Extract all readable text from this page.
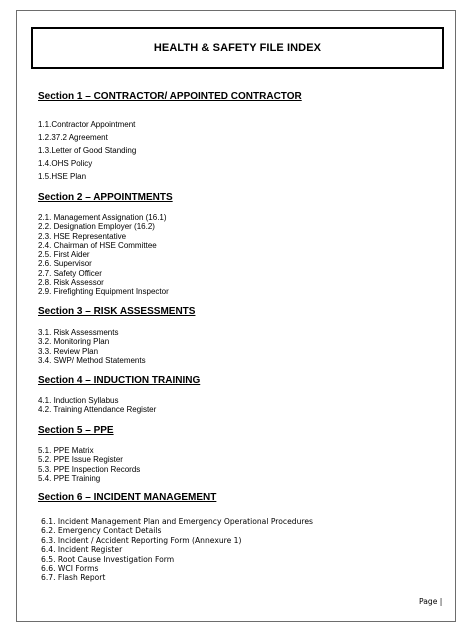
HEALTH & SAFETY FILE INDEX
Section 1 – CONTRACTOR/ APPOINTED CONTRACTOR
1.1.Contractor Appointment
1.2.37.2 Agreement
1.3.Letter of Good Standing
1.4.OHS Policy
1.5.HSE Plan
Section 2 – APPOINTMENTS
2.1. Management Assignation (16.1)
2.2. Designation Employer (16.2)
2.3. HSE Representative
2.4. Chairman of HSE Committee
2.5. First Aider
2.6. Supervisor
2.7. Safety Officer
2.8. Risk Assessor
2.9. Firefighting Equipment Inspector
Section 3 – RISK ASSESSMENTS
3.1. Risk Assessments
3.2. Monitoring Plan
3.3. Review Plan
3.4. SWP/ Method Statements
Section 4 – INDUCTION TRAINING
4.1. Induction Syllabus
4.2. Training Attendance Register
Section 5 – PPE
5.1. PPE Matrix
5.2. PPE Issue Register
5.3. PPE Inspection Records
5.4. PPE Training
Section 6 – INCIDENT MANAGEMENT
6.1. Incident Management Plan and Emergency Operational Procedures
6.2. Emergency Contact Details
6.3. Incident / Accident Reporting Form (Annexure 1)
6.4. Incident Register
6.5. Root Cause Investigation Form
6.6. WCI Forms
6.7. Flash Report
Page |
